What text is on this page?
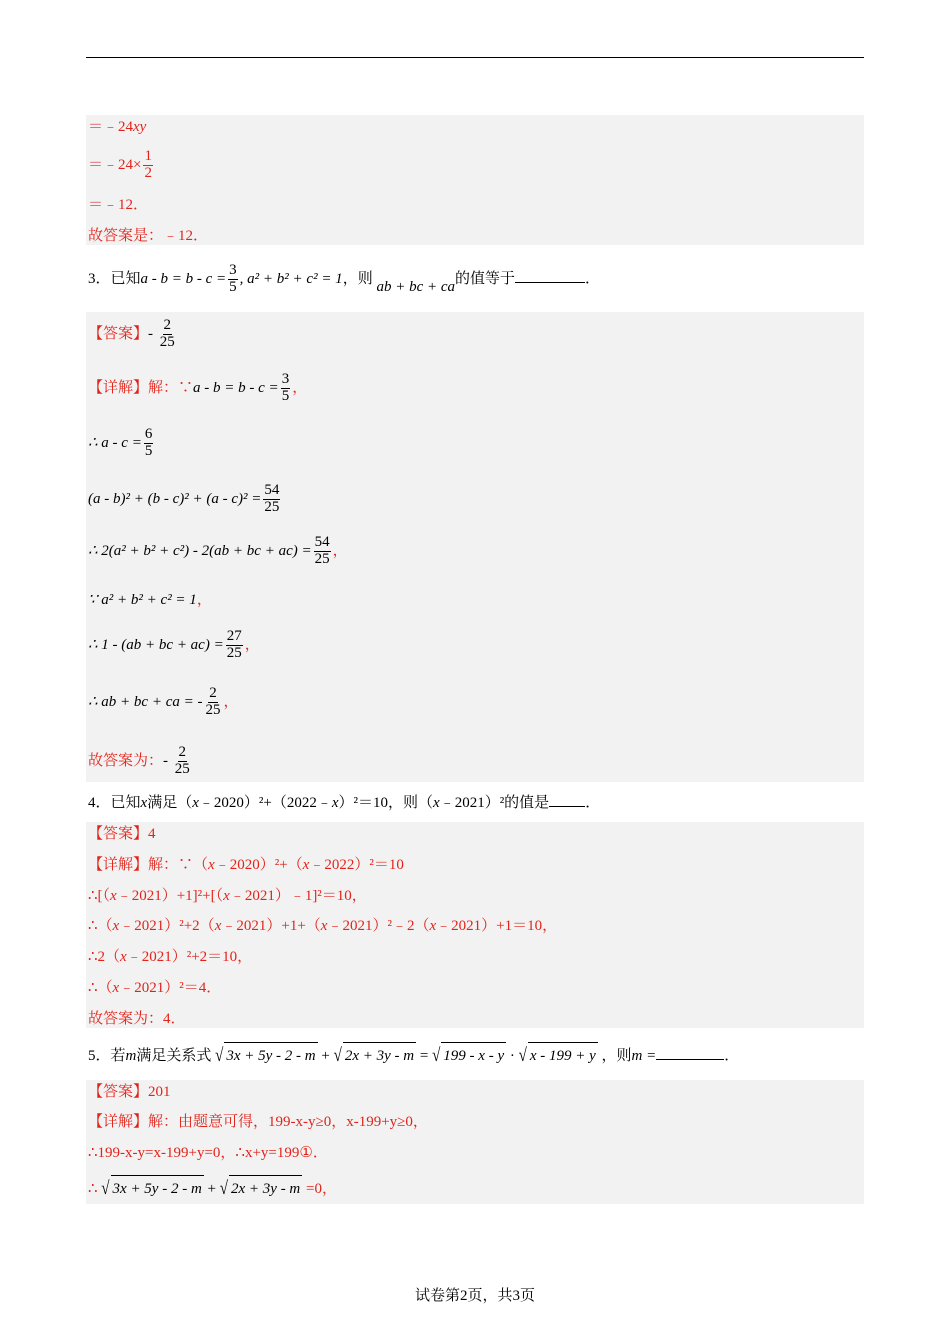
＝﹣24xy
＝﹣24× $\frac{1}{2}$
＝﹣12．
故答案是：﹣12．
3．已知$a - b = b - c = \frac{3}{5}$ , a² + b² + c² = 1，则 ab + bc + ca的值等于	．
【答案】- $\frac{2}{25}$
【详解】解：∵a - $b = b - c = \frac{3}{5}$ ，
∴ $a - c = \frac{6}{5}$
$(a - b)^2 + (b - c)^2 + (a - c)^2 = \frac{54}{25}$
∴ 2(a² + b² + c²) - 2(ab + bc + $ac) = \frac{54}{25}$ ，
∵ a² + b² + c² = 1，
∴ 1 - (ab + bc + $ac) = \frac{27}{25}$ ，
∴ ab + bc + ca = - $\frac{2}{25}$ ，
故答案为：- $\frac{2}{25}$
4．已知x满足（x﹣2020）²+（2022﹣x）²＝10，则（x﹣2021）²的值是 ．
【答案】4
【详解】解：∵（x﹣2020）²+（x﹣2022）²＝10
∴[（x﹣2021）+1]²+[（x﹣2021）﹣1]²＝10，
∴（x﹣2021）²+2（x﹣2021）+1+（x﹣2021）²﹣2（x﹣2021）+1＝10，
∴2（x﹣2021）²+2＝10，
∴（x﹣2021）²＝4．
故答案为：4．
5．若m满足关系式 √ 3x + 5y - 2 - m + √ 2x + 3y - m = √ 199 - x - y · √ x - 199 + y ，则m =	．
【答案】201
【详解】解：由题意可得，199-x-y≥0，x-199+y≥0，
∴199-x-y=x-199+y=0，∴x+y=199①．
∴ √ 3x + 5y - 2 - m + √ 2x + 3y - m =0，
试卷第2页，共3页
